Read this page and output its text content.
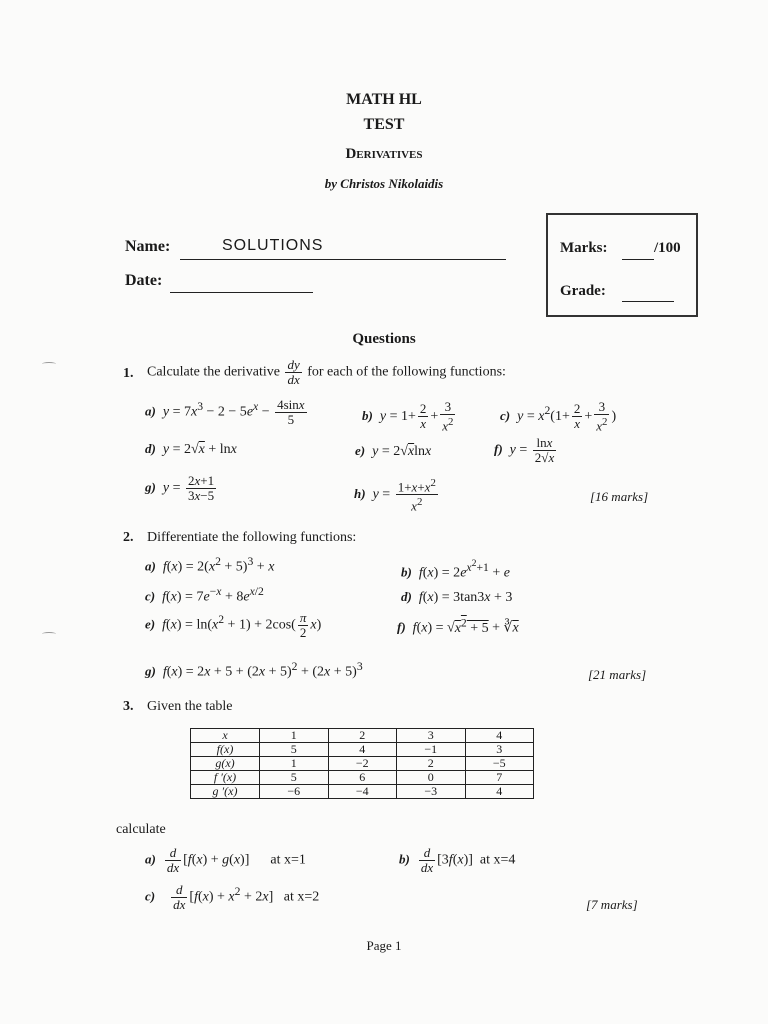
MATH HL
TEST
Derivatives
by Christos Nikolaidis
Name:	SOLUTIONS
Date:
Marks:	/100
Grade:
Questions
1. Calculate the derivative $\frac{dy}{dx}$ for each of the following functions:
a) $y = 7x^3 - 2 - 5e^x - \frac{4\sin x}{5}$	b) $y = 1+ \frac{2}{x} + \frac{3}{x^2}$	c) $y = x^2(1+ \frac{2}{x} + \frac{3}{x^2}$ )
d) y = 2√x + lnx	e) y = 2√xlnx	f) $y = \frac{\ln x}{2√x}$
g) $y = \frac{2x+1}{3x-5}$	h) $y = \frac{1+x+x^2}{x^2}$	[16 marks]
2. Differentiate the following functions:
a) $f(x) = 2(x^2 + 5)^3 + x$	b) $f(x) = 2e^{x^2+1} + e$
c) $f(x) = 7e^{-x} + 8e^{x/2}$	d) f(x) = 3tan3x + 3
e) $f(x) = \ln(x^2 + 1) + 2\cos( \frac{\pi}{2} x)$	f) $f(x) = √x^2 + 5$ + $∛\overline{x}$
g) $f(x) = 2x + 5 + (2x + 5)^2 + (2x + 5)^3$
[21 marks]
3. Given the table
x	1	2	3	4
f(x)	5	4	−1	3
g(x)	1	−2	2	−5
f ′(x)	5	6	0	7
g ′(x)	−6	−4	−3	4
calculate
$a) \frac{d}{dx} [f(x) + g(x)]$      at x=1	$b) \frac{d}{dx} [3f(x)]$  at x=4
$c) \frac{d}{dx} [f(x) + x^2 + 2x]$   at x=2	[7 marks]
Page 1
